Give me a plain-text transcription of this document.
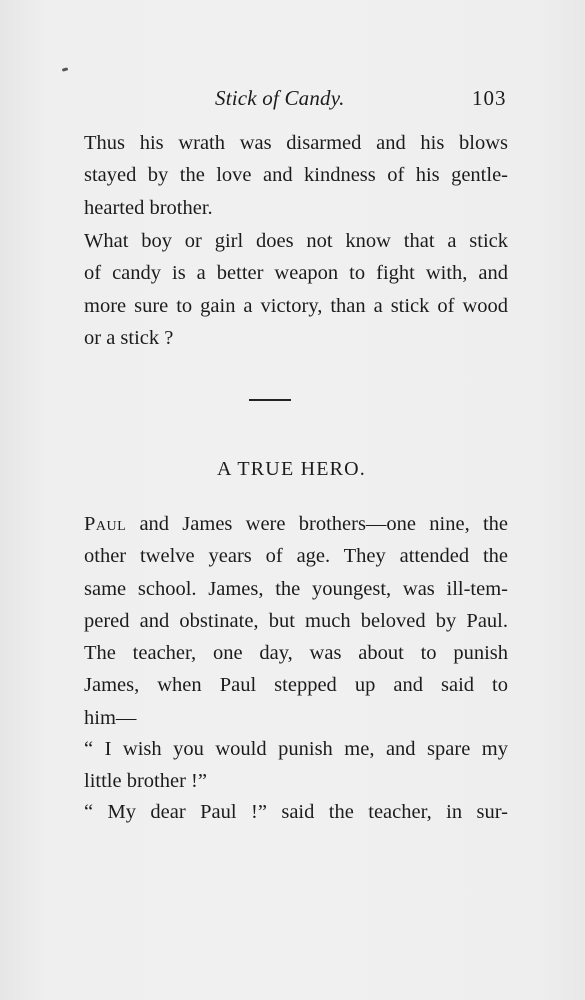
Stick of Candy.	103
Thus his wrath was disarmed and his blows
stayed by the love and kindness of his gentle-
hearted brother.
What boy or girl does not know that a stick
of candy is a better weapon to fight with, and
more sure to gain a victory, than a stick of wood
or a stick ?
A TRUE HERO.
Paul and James were brothers—one nine, the
other twelve years of age. They attended the
same school. James, the youngest, was ill-tem-
pered and obstinate, but much beloved by Paul.
The teacher, one day, was about to punish
James, when Paul stepped up and said to
him—
“ I wish you would punish me, and spare my
little brother !”
“ My dear Paul !” said the teacher, in sur-
